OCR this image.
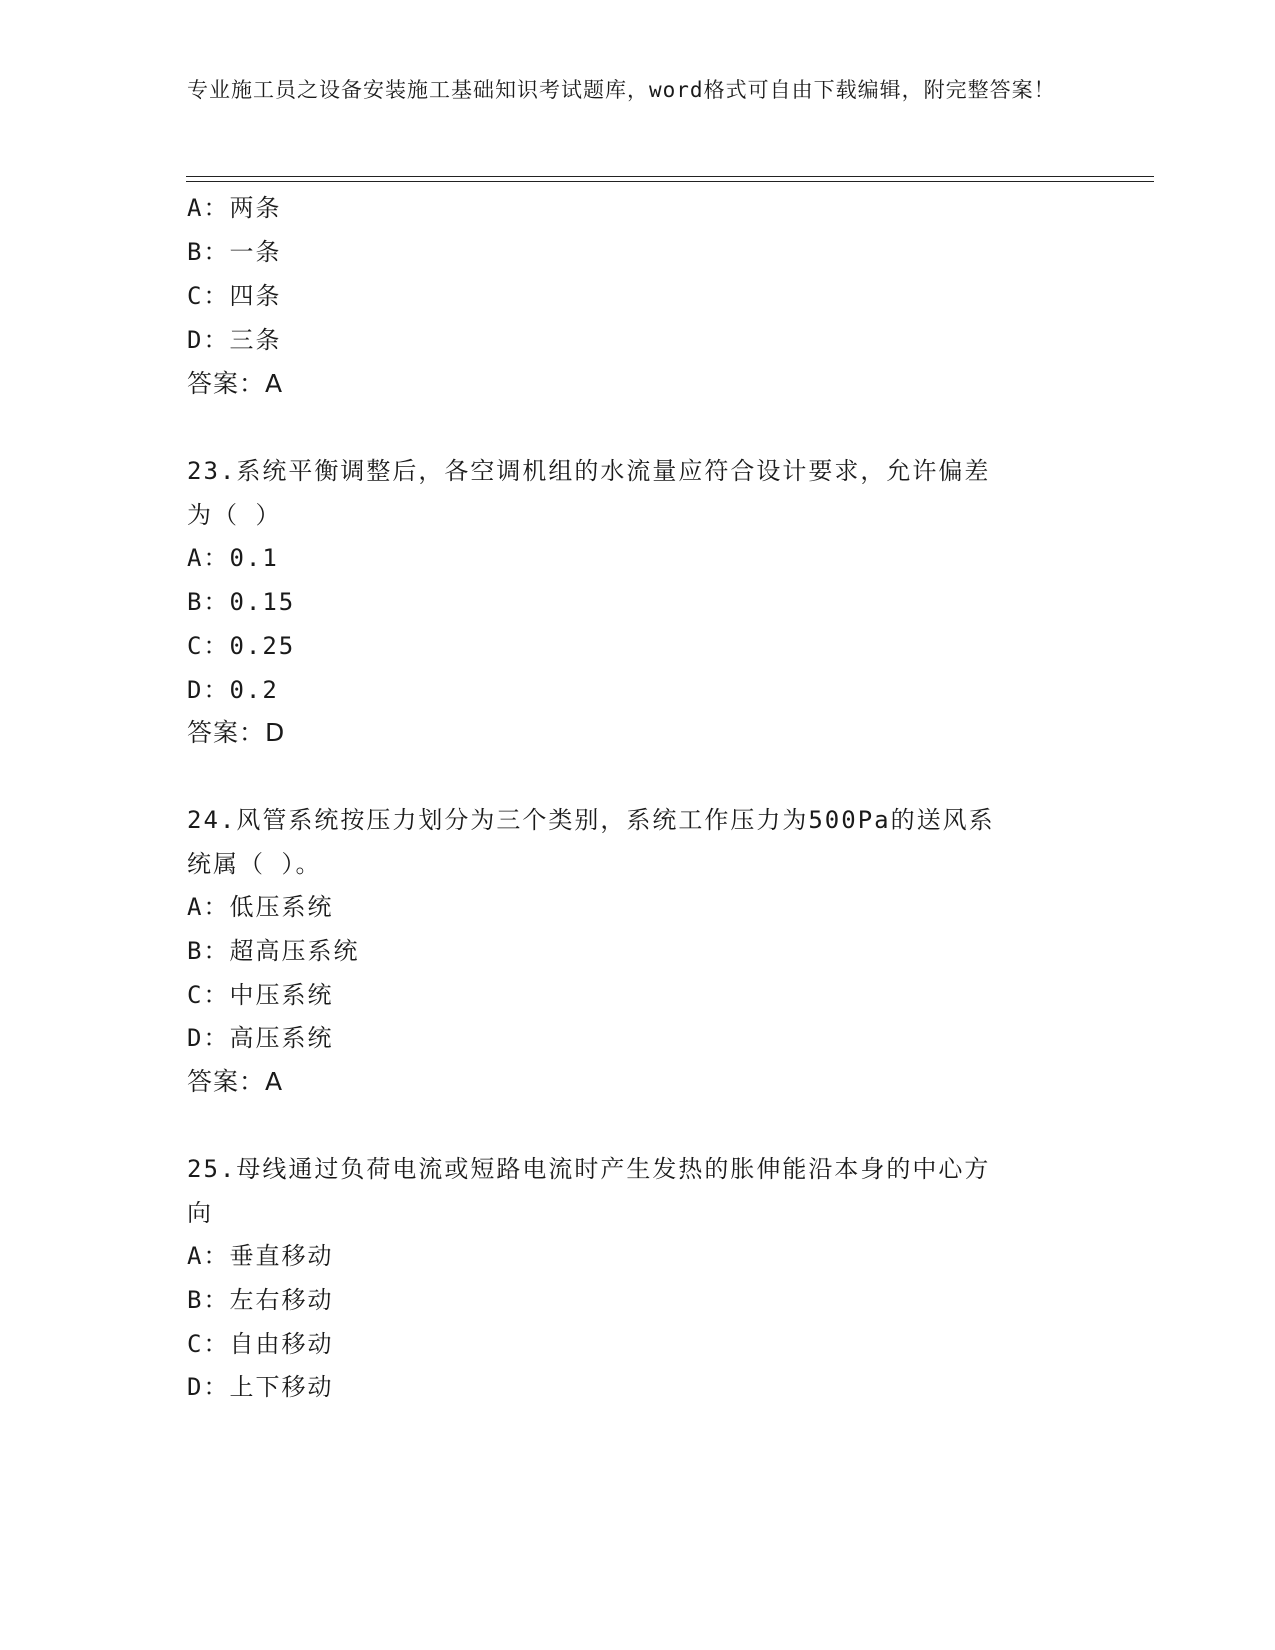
专业施工员之设备安装施工基础知识考试题库，word格式可自由下载编辑，附完整答案！
A：两条
B：一条
C：四条
D：三条
答案：A
23.系统平衡调整后，各空调机组的水流量应符合设计要求，允许偏差
为（ ）
A：0.1
B：0.15
C：0.25
D：0.2
答案：D
24.风管系统按压力划分为三个类别，系统工作压力为500Pa的送风系
统属（ ）。
A：低压系统
B：超高压系统
C：中压系统
D：高压系统
答案：A
25.母线通过负荷电流或短路电流时产生发热的胀伸能沿本身的中心方
向
A：垂直移动
B：左右移动
C：自由移动
D：上下移动
